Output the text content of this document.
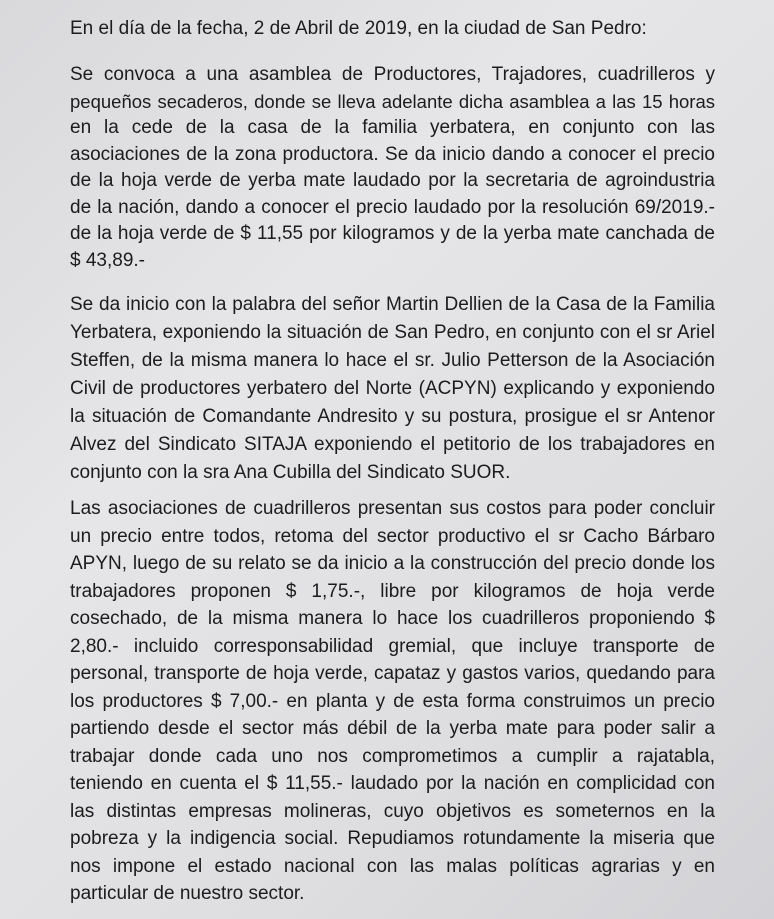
En el día de la fecha, 2 de Abril de 2019, en la ciudad de San Pedro:
Se convoca a una asamblea de Productores, Trajadores, cuadrilleros y
pequeños secaderos, donde se lleva adelante dicha asamblea a las 15 horas
en la cede de la casa de la familia yerbatera, en conjunto con las
asociaciones de la zona productora. Se da inicio dando a conocer el precio
de la hoja verde de yerba mate laudado por la secretaria de agroindustria
de la nación, dando a conocer el precio laudado por la resolución 69/2019.-
de la hoja verde de $ 11,55 por kilogramos y de la yerba mate canchada de
$ 43,89.-
Se da inicio con la palabra del señor Martin Dellien de la Casa de la Familia
Yerbatera, exponiendo la situación de San Pedro, en conjunto con el sr Ariel
Steffen, de la misma manera lo hace el sr. Julio Petterson de la Asociación
Civil de productores yerbatero del Norte (ACPYN) explicando y exponiendo
la situación de Comandante Andresito y su postura, prosigue el sr Antenor
Alvez del Sindicato SITAJA exponiendo el petitorio de los trabajadores en
conjunto con la sra Ana Cubilla del Sindicato SUOR.
Las asociaciones de cuadrilleros presentan sus costos para poder concluir
un precio entre todos, retoma del sector productivo el sr Cacho Bárbaro
APYN, luego de su relato se da inicio a la construcción del precio donde los
trabajadores proponen $ 1,75.-, libre por kilogramos de hoja verde
cosechado, de la misma manera lo hace los cuadrilleros proponiendo $
2,80.- incluido corresponsabilidad gremial, que incluye transporte de
personal, transporte de hoja verde, capataz y gastos varios, quedando para
los productores $ 7,00.- en planta y de esta forma construimos un precio
partiendo desde el sector más débil de la yerba mate para poder salir a
trabajar donde cada uno nos comprometimos a cumplir a rajatabla,
teniendo en cuenta el $ 11,55.- laudado por la nación en complicidad con
las distintas empresas molineras, cuyo objetivos es someternos en la
pobreza y la indigencia social. Repudiamos rotundamente la miseria que
nos impone el estado nacional con las malas políticas agrarias y en
particular de nuestro sector.
